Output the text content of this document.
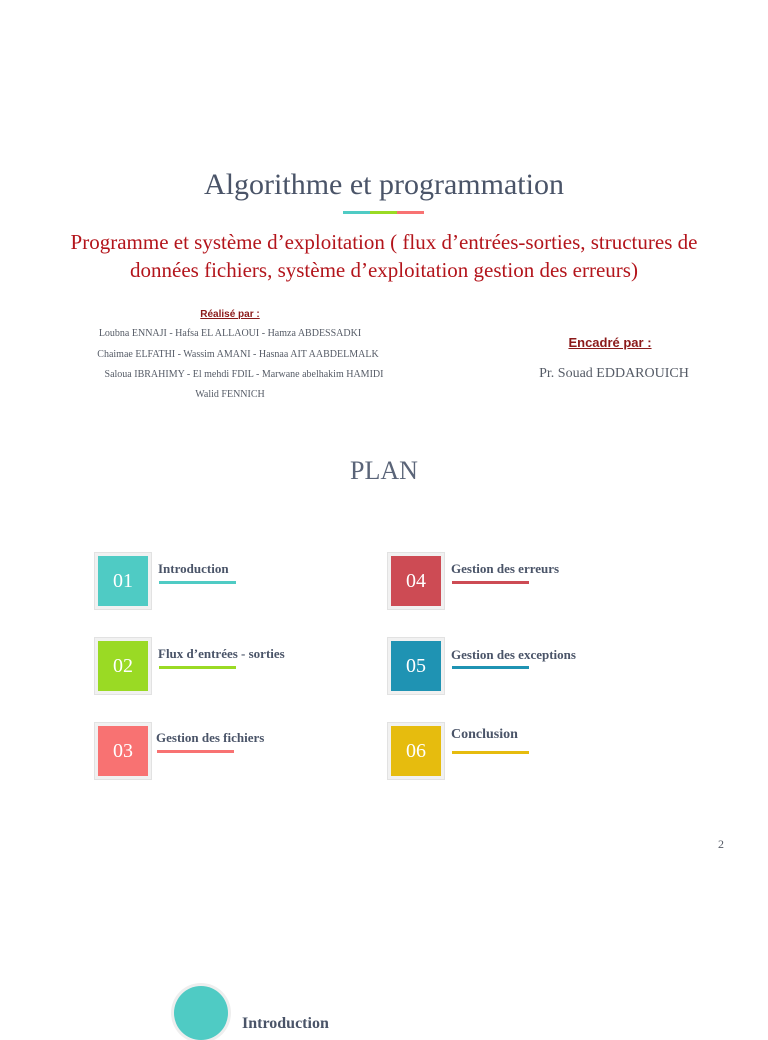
Algorithme et programmation
Programme et système d’exploitation ( flux d’entrées-sorties, structures de
données fichiers, système d’exploitation gestion des erreurs)
Réalisé par :
Loubna ENNAJI - Hafsa EL ALLAOUI - Hamza ABDESSADKI
Chaimae ELFATHI - Wassim AMANI - Hasnaa AIT AABDELMALK
Saloua IBRAHIMY - El mehdi FDIL - Marwane abelhakim HAMIDI
Walid FENNICH
Encadré par :
Pr. Souad EDDAROUICH
PLAN
01
Introduction
02
Flux d’entrées - sorties
03
Gestion des fichiers
04
Gestion des erreurs
05
Gestion des exceptions
06
Conclusion
2
Introduction
